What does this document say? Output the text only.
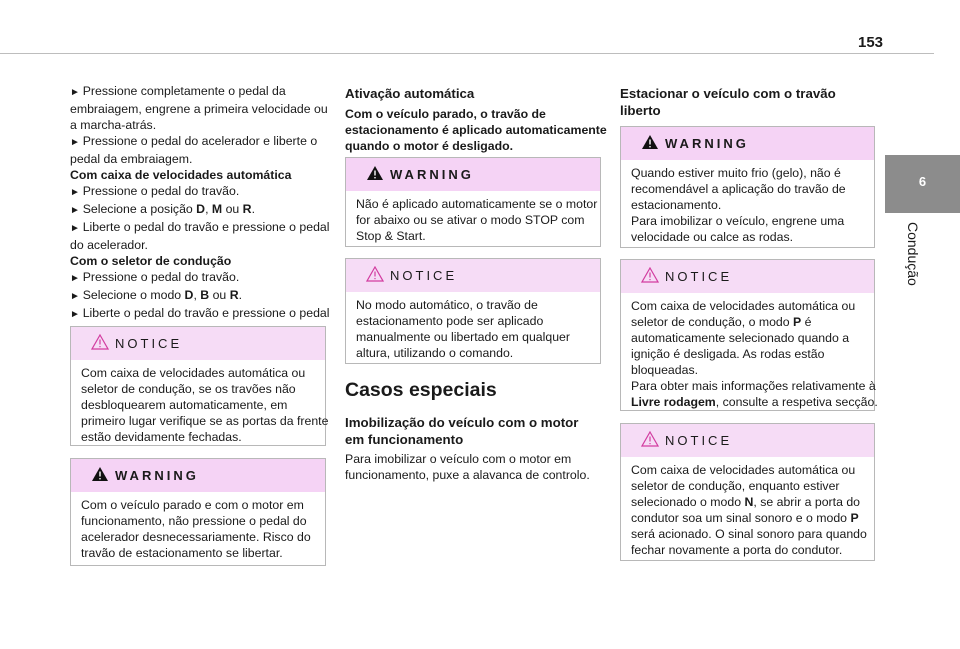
153
6
Condução
► Pressione completamente o pedal da
embraiagem, engrene a primeira velocidade ou
a marcha-atrás.
► Pressione o pedal do acelerador e liberte o
pedal da embraiagem.
Com caixa de velocidades automática
► Pressione o pedal do travão.
► Selecione a posição D, M ou R.
► Liberte o pedal do travão e pressione o pedal
do acelerador.
Com o seletor de condução
► Pressione o pedal do travão.
► Selecione o modo D, B ou R.
► Liberte o pedal do travão e pressione o pedal
NOTICE
Com caixa de velocidades automática ou
seletor de condução, se os travões não
desbloquearem automaticamente, em
primeiro lugar verifique se as portas da frente
estão devidamente fechadas.
WARNING
Com o veículo parado e com o motor em
funcionamento, não pressione o pedal do
acelerador desnecessariamente. Risco do
travão de estacionamento se libertar.
Ativação automática
Com o veículo parado, o travão de
estacionamento é aplicado automaticamente
quando o motor é desligado.
WARNING
Não é aplicado automaticamente se o motor
for abaixo ou se ativar o modo STOP com
Stop & Start.
NOTICE
No modo automático, o travão de
estacionamento pode ser aplicado
manualmente ou libertado em qualquer
altura, utilizando o comando.
Casos especiais
Imobilização do veículo com o motor
em funcionamento
Para imobilizar o veículo com o motor em
funcionamento, puxe a alavanca de controlo.
Estacionar o veículo com o travão
liberto
WARNING
Quando estiver muito frio (gelo), não é
recomendável a aplicação do travão de
estacionamento.
Para imobilizar o veículo, engrene uma
velocidade ou calce as rodas.
NOTICE
Com caixa de velocidades automática ou
seletor de condução, o modo P é
automaticamente selecionado quando a
ignição é desligada. As rodas estão
bloqueadas.
Para obter mais informações relativamente à
Livre rodagem, consulte a respetiva secção.
NOTICE
Com caixa de velocidades automática ou
seletor de condução, enquanto estiver
selecionado o modo N, se abrir a porta do
condutor soa um sinal sonoro e o modo P
será acionado. O sinal sonoro para quando
fechar novamente a porta do condutor.
